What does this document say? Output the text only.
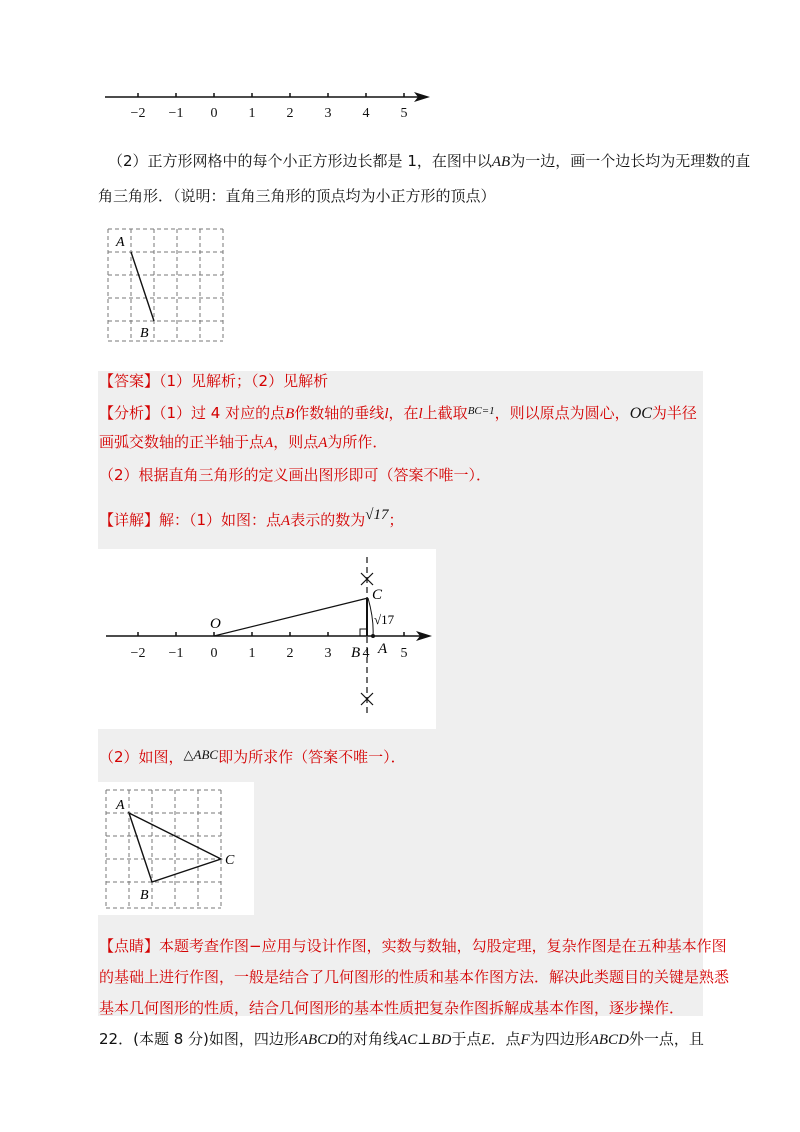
−2 −1 0 1 2 3 4 5
（2）正方形网格中的每个小正方形边长都是 1，在图中以AB为一边，画一个边长均为无理数的直
角三角形．（说明：直角三角形的顶点均为小正方形的顶点）
A
B
【答案】（1）见解析；（2）见解析
【分析】（1）过 4 对应的点B作数轴的垂线l，在l上截取$^{BC=1}$，则以原点为圆心，OC为半径
画弧交数轴的正半轴于点A，则点A为所作．
（2）根据直角三角形的定义画出图形即可（答案不唯一）．
【详解】解：（1）如图：点A表示的数为√17；
−2 −1 0 1 2 3 4 5
O
C
B A
√17
（2）如图，△ABC即为所求作（答案不唯一）．
A
B
C
【点睛】本题考查作图−应用与设计作图，实数与数轴，勾股定理，复杂作图是在五种基本作图
的基础上进行作图，一般是结合了几何图形的性质和基本作图方法．解决此类题目的关键是熟悉
基本几何图形的性质，结合几何图形的基本性质把复杂作图拆解成基本作图，逐步操作．
22．(本题 8 分)如图，四边形ABCD的对角线AC⊥BD于点E．点F为四边形ABCD外一点，且
